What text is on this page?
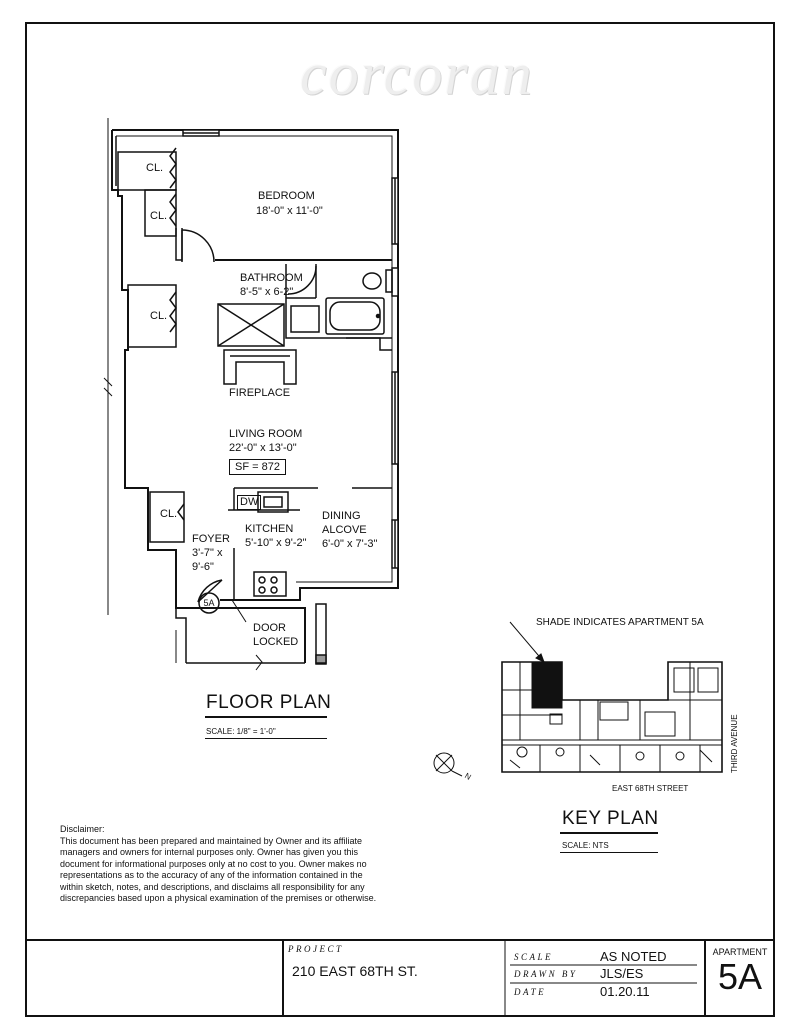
corcoran
CL.
CL.
CL.
CL.
BEDROOM
18'-0" x 11'-0"
BATHROOM
8'-5" x 6-2"
FIREPLACE
LIVING ROOM
22'-0" x 13'-0"
SF = 872
DW
KITCHEN
5'-10" x 9'-2"
DINING
ALCOVE
6'-0" x 7'-3"
FOYER
3'-7" x
9'-6"
5A
DOOR
LOCKED
FLOOR PLAN
SCALE: 1/8" = 1'-0"
SHADE INDICATES APARTMENT 5A
EAST 68TH STREET
THIRD AVENUE
N
KEY PLAN
SCALE: NTS
Disclaimer:
This document has been prepared and maintained by Owner and its affiliate managers and owners for internal purposes only. Owner has given you this document for informational purposes only at no cost to you. Owner makes no representations as to the accuracy of any of the information contained in the within sketch, notes, and descriptions, and disclaims all responsibility for any discrepancies based upon a physical examination of the premises or otherwise.
PROJECT
210 EAST 68TH ST.
SCALE	AS NOTED
DRAWN BY JLS/ES
DATE	01.20.11
APARTMENT
5A
